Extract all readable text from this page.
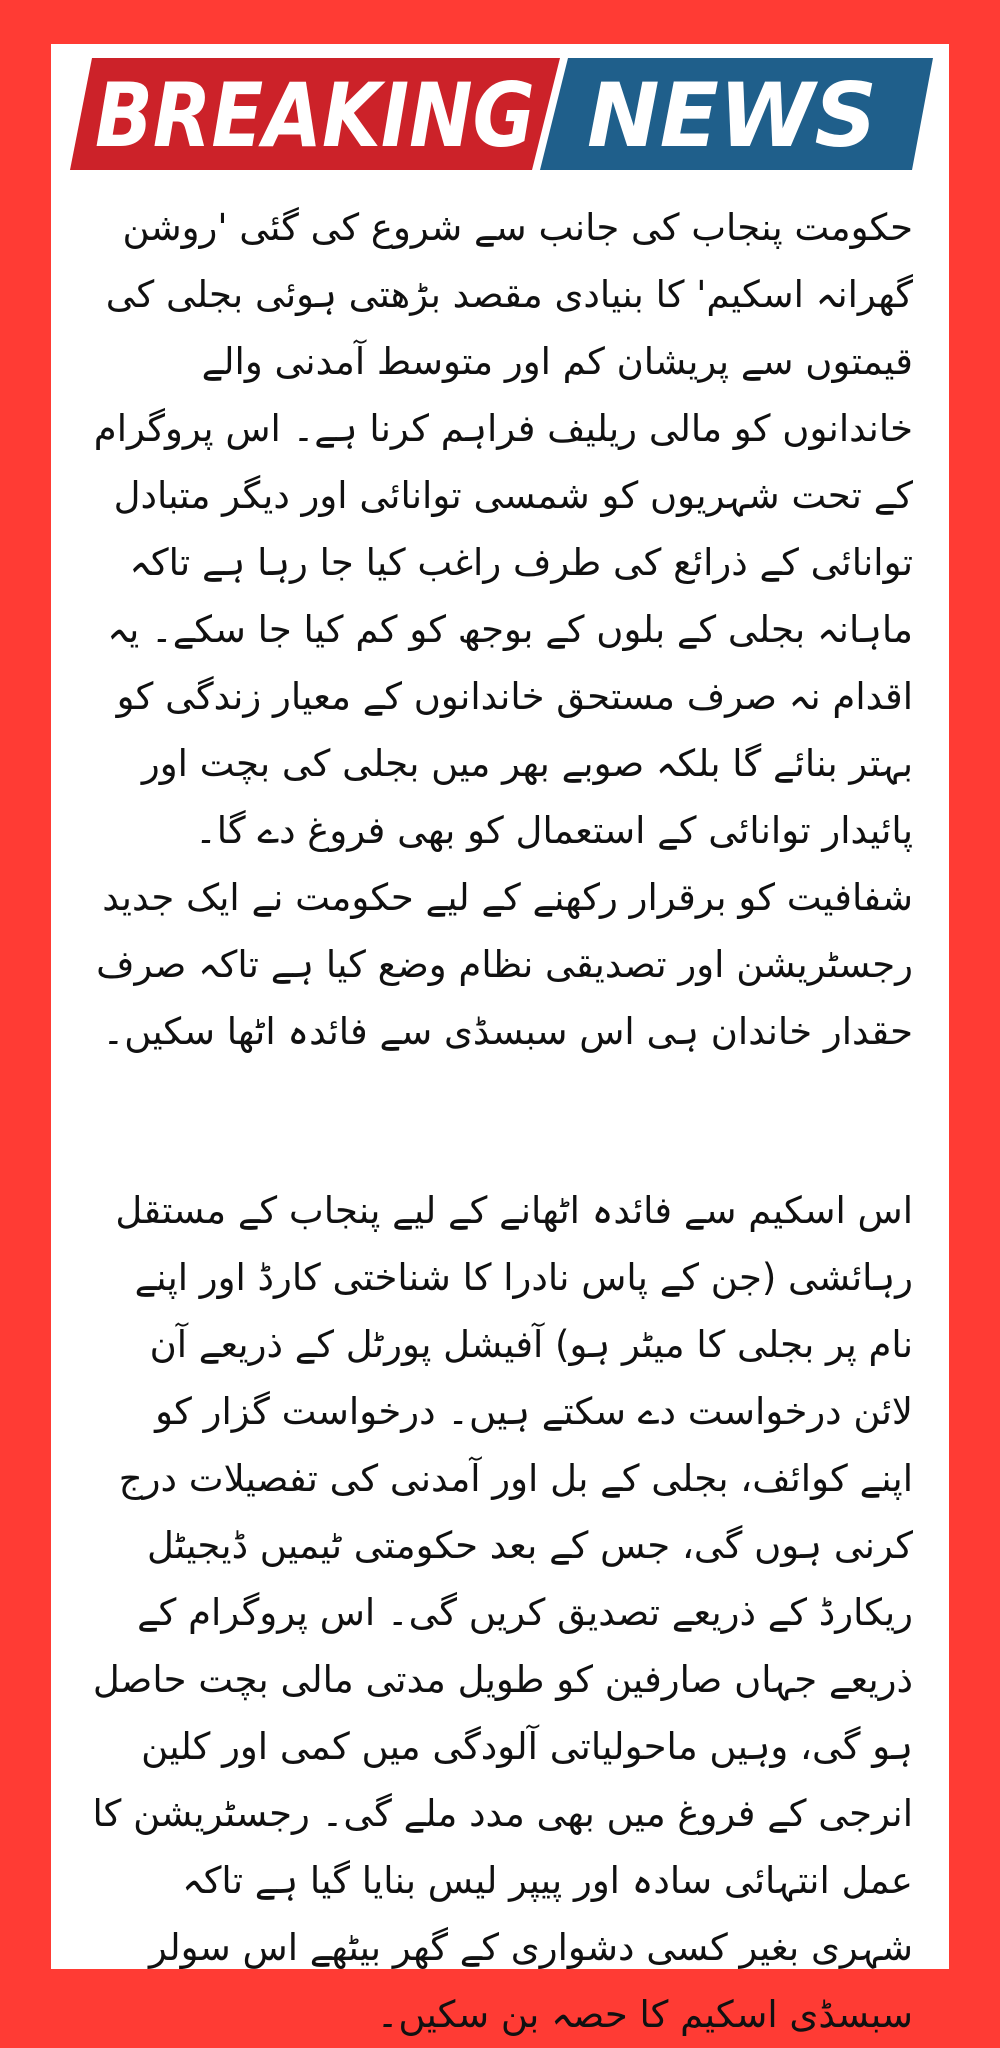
BREAKING NEWS

حکومت پنجاب کی جانب سے شروع کی گئی 'روشن گھرانہ اسکیم' کا بنیادی مقصد بڑھتی ہوئی بجلی کی قیمتوں سے پریشان کم اور متوسط آمدنی والے خاندانوں کو مالی ریلیف فراہم کرنا ہے۔ اس پروگرام کے تحت شہریوں کو شمسی توانائی اور دیگر متبادل توانائی کے ذرائع کی طرف راغب کیا جا رہا ہے تاکہ ماہانہ بجلی کے بلوں کے بوجھ کو کم کیا جا سکے۔ یہ اقدام نہ صرف مستحق خاندانوں کے معیار زندگی کو بہتر بنائے گا بلکہ صوبے بھر میں بجلی کی بچت اور پائیدار توانائی کے استعمال کو بھی فروغ دے گا۔ شفافیت کو برقرار رکھنے کے لیے حکومت نے ایک جدید رجسٹریشن اور تصدیقی نظام وضع کیا ہے تاکہ صرف حقدار خاندان ہی اس سبسڈی سے فائدہ اٹھا سکیں۔

اس اسکیم سے فائدہ اٹھانے کے لیے پنجاب کے مستقل رہائشی (جن کے پاس نادرا کا شناختی کارڈ اور اپنے نام پر بجلی کا میٹر ہو) آفیشل پورٹل کے ذریعے آن لائن درخواست دے سکتے ہیں۔ درخواست گزار کو اپنے کوائف، بجلی کے بل اور آمدنی کی تفصیلات درج کرنی ہوں گی، جس کے بعد حکومتی ٹیمیں ڈیجیٹل ریکارڈ کے ذریعے تصدیق کریں گی۔ اس پروگرام کے ذریعے جہاں صارفین کو طویل مدتی مالی بچت حاصل ہو گی، وہیں ماحولیاتی آلودگی میں کمی اور کلین انرجی کے فروغ میں بھی مدد ملے گی۔ رجسٹریشن کا عمل انتہائی سادہ اور پیپر لیس بنایا گیا ہے تاکہ شہری بغیر کسی دشواری کے گھر بیٹھے اس سولر سبسڈی اسکیم کا حصہ بن سکیں۔
